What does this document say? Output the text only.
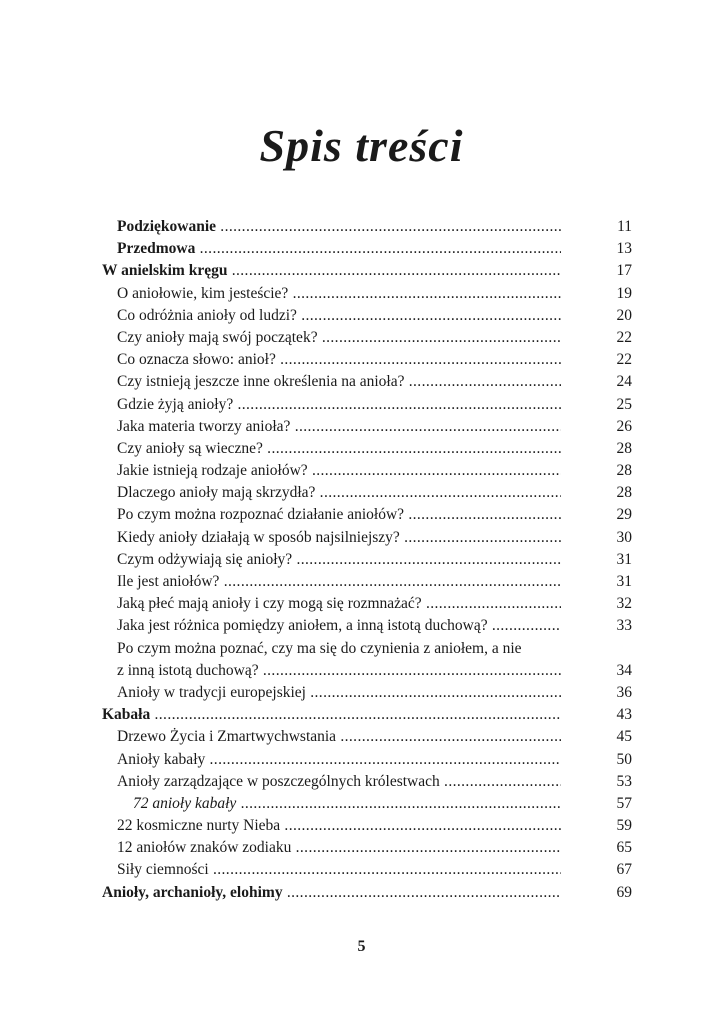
Spis treści
Podziękowanie .....	11
Przedmowa .....	13
W anielskim kręgu .....	17
O aniołowie, kim jesteście? .....	19
Co odróżnia anioły od ludzi? .....	20
Czy anioły mają swój początek? .....	22
Co oznacza słowo: anioł? .....	22
Czy istnieją jeszcze inne określenia na anioła? .....	24
Gdzie żyją anioły? .....	25
Jaka materia tworzy anioła? .....	26
Czy anioły są wieczne? .....	28
Jakie istnieją rodzaje aniołów? .....	28
Dlaczego anioły mają skrzydła? .....	28
Po czym można rozpoznać działanie aniołów? .....	29
Kiedy anioły działają w sposób najsilniejszy? .....	30
Czym odżywiają się anioły? .....	31
Ile jest aniołów? .....	31
Jaką płeć mają anioły i czy mogą się rozmnażać? .....	32
Jaka jest różnica pomiędzy aniołem, a inną istotą duchową? .....	33
Po czym można poznać, czy ma się do czynienia z aniołem, a nie
z inną istotą duchową? .....	34
Anioły w tradycji europejskiej .....	36
Kabała .....	43
Drzewo Życia i Zmartwychwstania .....	45
Anioły kabały .....	50
Anioły zarządzające w poszczególnych królestwach .....	53
72 anioły kabały .....	57
22 kosmiczne nurty Nieba .....	59
12 aniołów znaków zodiaku .....	65
Siły ciemności .....	67
Anioły, archanioły, elohimy .....	69
5
